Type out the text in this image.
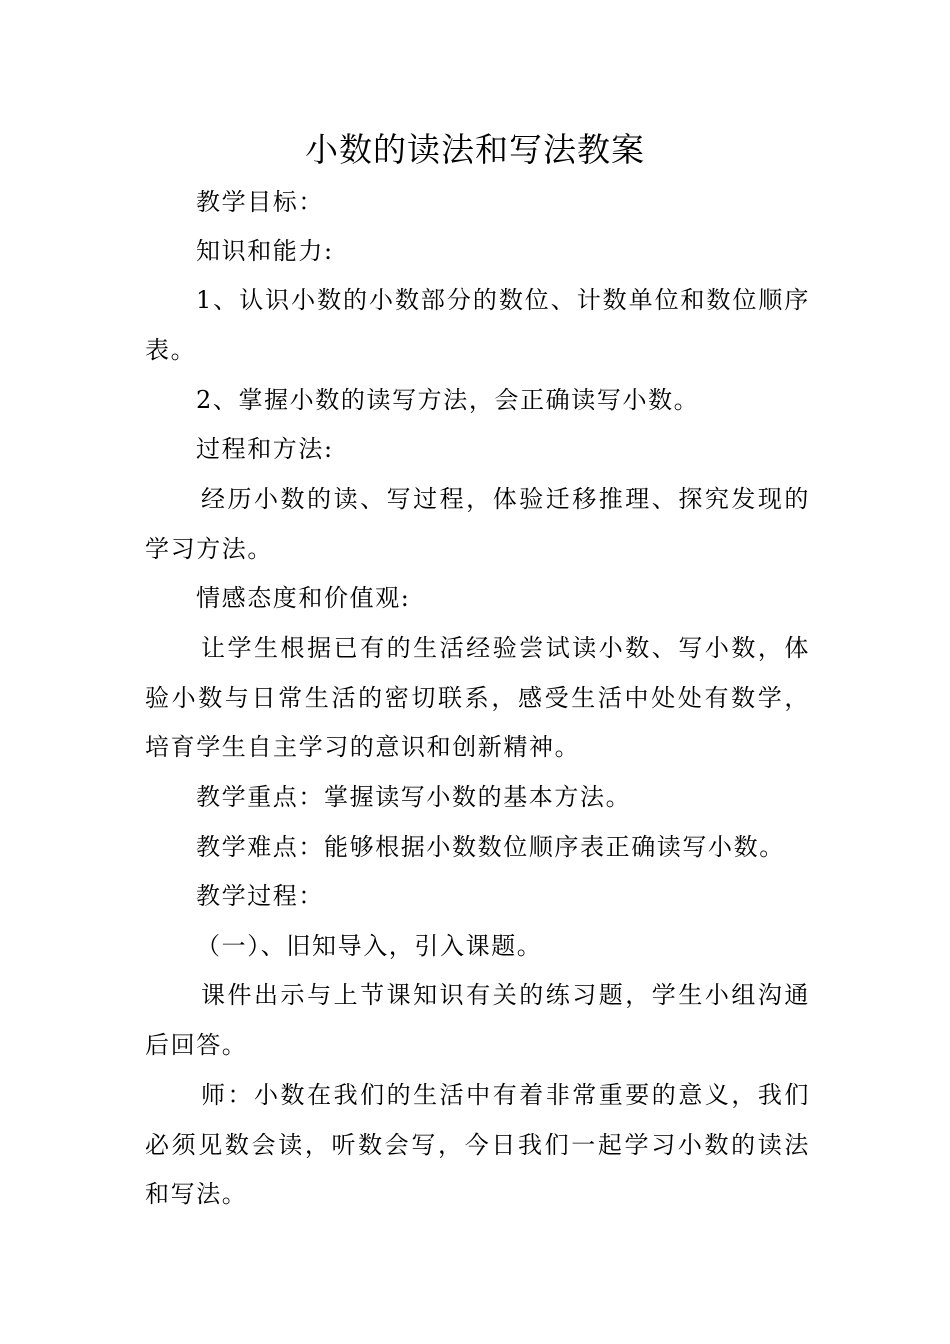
小数的读法和写法教案

教学目标：

知识和能力:

1、认识小数的小数部分的数位、计数单位和数位顺序表。

2、掌握小数的读写方法，会正确读写小数。

过程和方法:

经历小数的读、写过程，体验迁移推理、探究发现的学习方法。

情感态度和价值观:

让学生根据已有的生活经验尝试读小数、写小数，体验小数与日常生活的密切联系，感受生活中处处有数学，培育学生自主学习的意识和创新精神。

教学重点：掌握读写小数的基本方法。

教学难点：能够根据小数数位顺序表正确读写小数。

教学过程：

（一）、旧知导入，引入课题。

课件出示与上节课知识有关的练习题，学生小组沟通后回答。

师：小数在我们的生活中有着非常重要的意义，我们必须见数会读，听数会写，今日我们一起学习小数的读法和写法。
